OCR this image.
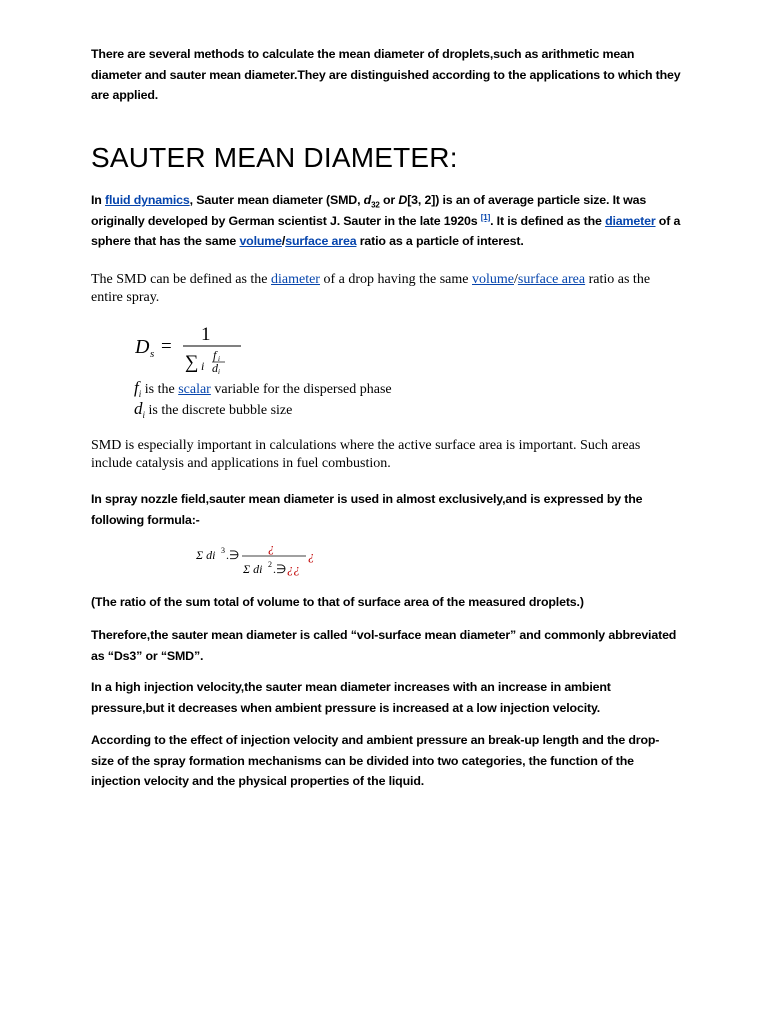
There are several methods to calculate the mean diameter of droplets,such as arithmetic mean diameter and sauter mean diameter.They are distinguished according to the applications to which they are applied.

SAUTER MEAN DIAMETER:

In fluid dynamics, Sauter mean diameter (SMD, $d_{32}$ or D[3, 2]) is an of average particle size. It was originally developed by German scientist J. Sauter in the late 1920s [1]. It is defined as the diameter of a sphere that has the same volume/surface area ratio as a particle of interest.

The SMD can be defined as the diameter of a drop having the same volume/surface area ratio as the entire spray.

D s =
1
∑ i
f i
d i
$f_i$ is the scalar variable for the dispersed phase
$d_i$ is the discrete bubble size

SMD is especially important in calculations where the active surface area is important. Such areas include catalysis and applications in fuel combustion.

In spray nozzle field,sauter mean diameter is used in almost exclusively,and is expressed by the following formula:-

Σ di 3 .∋ ¿
Σ di 2 .∋ ¿¿
¿

(The ratio of the sum total of volume to that of surface area of the measured droplets.)

Therefore,the sauter mean diameter is called “vol-surface mean diameter” and commonly abbreviated as “Ds3” or “SMD”.

In a high injection velocity,the sauter mean diameter increases with an increase in ambient pressure,but it decreases when ambient pressure is increased at a low injection velocity.

According to the effect of injection velocity and ambient pressure an break-up length and the drop-size of the spray formation mechanisms can be divided into two categories, the function of the injection velocity and the physical properties of the liquid.
